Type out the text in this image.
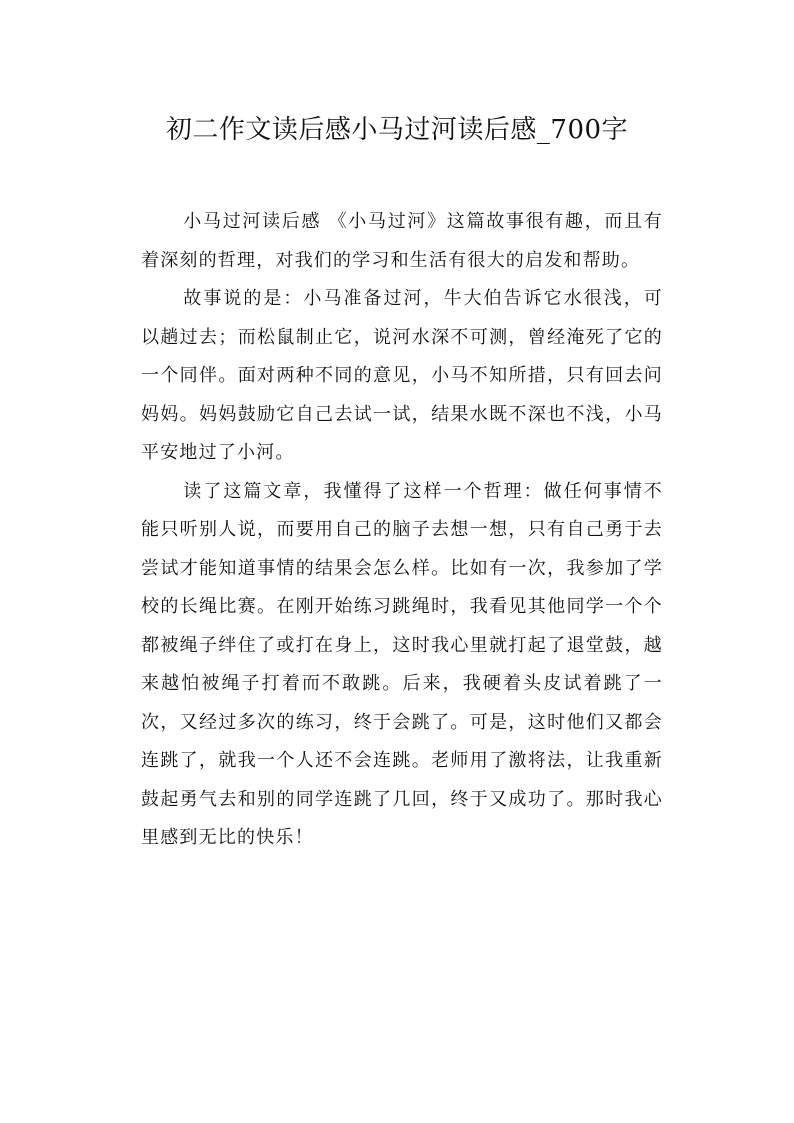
初二作文读后感小马过河读后感_700字

小马过河读后感 《小马过河》这篇故事很有趣，而且有着深刻的哲理，对我们的学习和生活有很大的启发和帮助。

故事说的是：小马准备过河，牛大伯告诉它水很浅，可以趟过去；而松鼠制止它，说河水深不可测，曾经淹死了它的一个同伴。面对两种不同的意见，小马不知所措，只有回去问妈妈。妈妈鼓励它自己去试一试，结果水既不深也不浅，小马平安地过了小河。

读了这篇文章，我懂得了这样一个哲理：做任何事情不能只听别人说，而要用自己的脑子去想一想，只有自己勇于去尝试才能知道事情的结果会怎么样。比如有一次，我参加了学校的长绳比赛。在刚开始练习跳绳时，我看见其他同学一个个都被绳子绊住了或打在身上，这时我心里就打起了退堂鼓，越来越怕被绳子打着而不敢跳。后来，我硬着头皮试着跳了一次，又经过多次的练习，终于会跳了。可是，这时他们又都会连跳了，就我一个人还不会连跳。老师用了激将法，让我重新鼓起勇气去和别的同学连跳了几回，终于又成功了。那时我心里感到无比的快乐！
